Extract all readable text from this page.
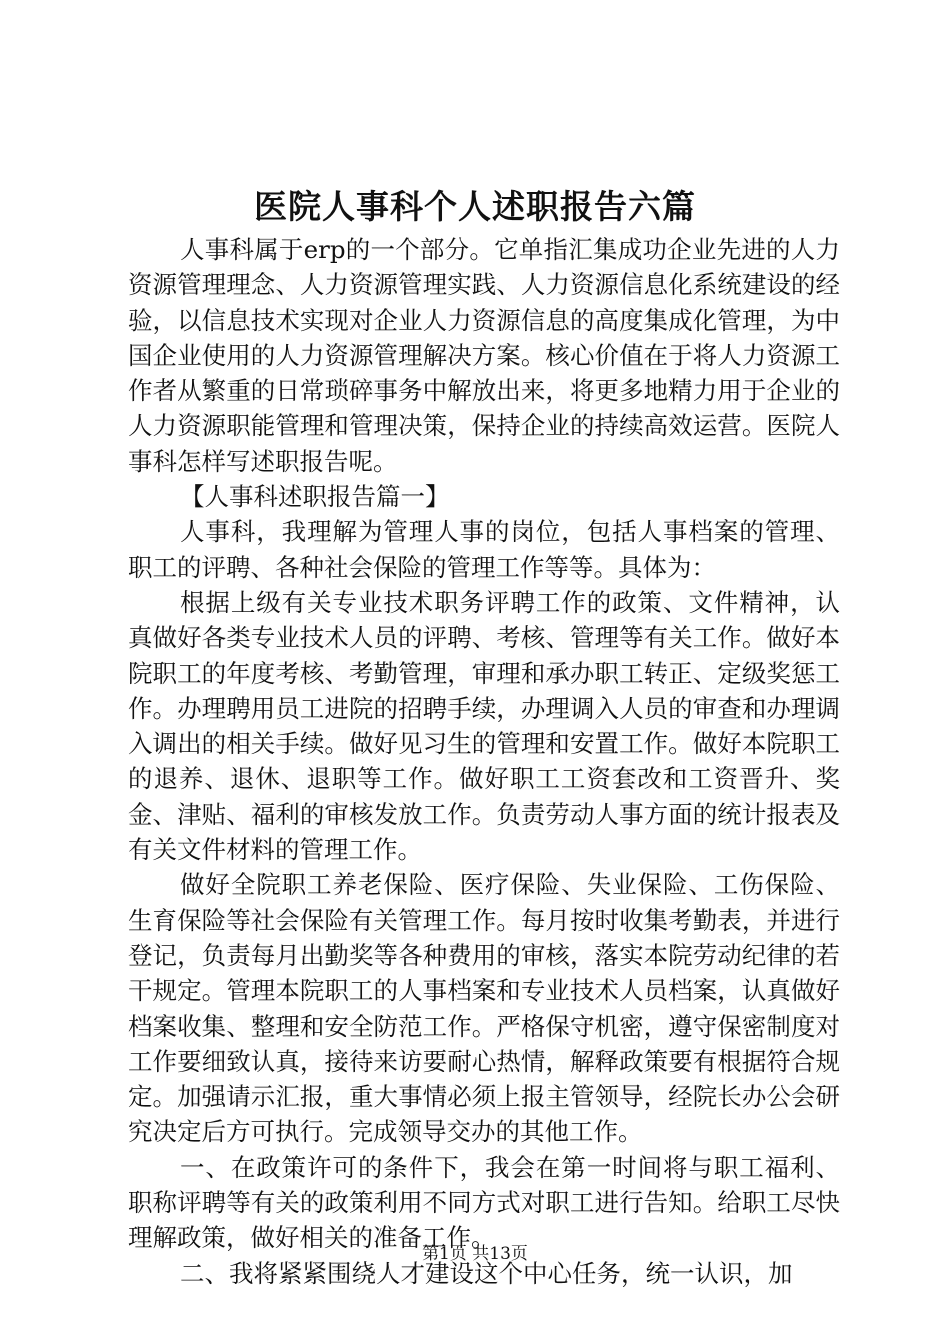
医院人事科个人述职报告六篇

人事科属于erp的一个部分。它单指汇集成功企业先进的人力资源管理理念、人力资源管理实践、人力资源信息化系统建设的经验，以信息技术实现对企业人力资源信息的高度集成化管理，为中国企业使用的人力资源管理解决方案。核心价值在于将人力资源工作者从繁重的日常琐碎事务中解放出来，将更多地精力用于企业的人力资源职能管理和管理决策，保持企业的持续高效运营。医院人事科怎样写述职报告呢。

【人事科述职报告篇一】

人事科，我理解为管理人事的岗位，包括人事档案的管理、职工的评聘、各种社会保险的管理工作等等。具体为：

根据上级有关专业技术职务评聘工作的政策、文件精神，认真做好各类专业技术人员的评聘、考核、管理等有关工作。做好本院职工的年度考核、考勤管理，审理和承办职工转正、定级奖惩工作。办理聘用员工进院的招聘手续，办理调入人员的审查和办理调入调出的相关手续。做好见习生的管理和安置工作。做好本院职工的退养、退休、退职等工作。做好职工工资套改和工资晋升、奖金、津贴、福利的审核发放工作。负责劳动人事方面的统计报表及有关文件材料的管理工作。

做好全院职工养老保险、医疗保险、失业保险、工伤保险、生育保险等社会保险有关管理工作。每月按时收集考勤表，并进行登记，负责每月出勤奖等各种费用的审核，落实本院劳动纪律的若干规定。管理本院职工的人事档案和专业技术人员档案，认真做好档案收集、整理和安全防范工作。严格保守机密，遵守保密制度对工作要细致认真，接待来访要耐心热情，解释政策要有根据符合规定。加强请示汇报，重大事情必须上报主管领导，经院长办公会研究决定后方可执行。完成领导交办的其他工作。

一、在政策许可的条件下，我会在第一时间将与职工福利、职称评聘等有关的政策利用不同方式对职工进行告知。给职工尽快理解政策，做好相关的准备工作。

二、我将紧紧围绕人才建设这个中心任务，统一认识，加

第1页 共13页
